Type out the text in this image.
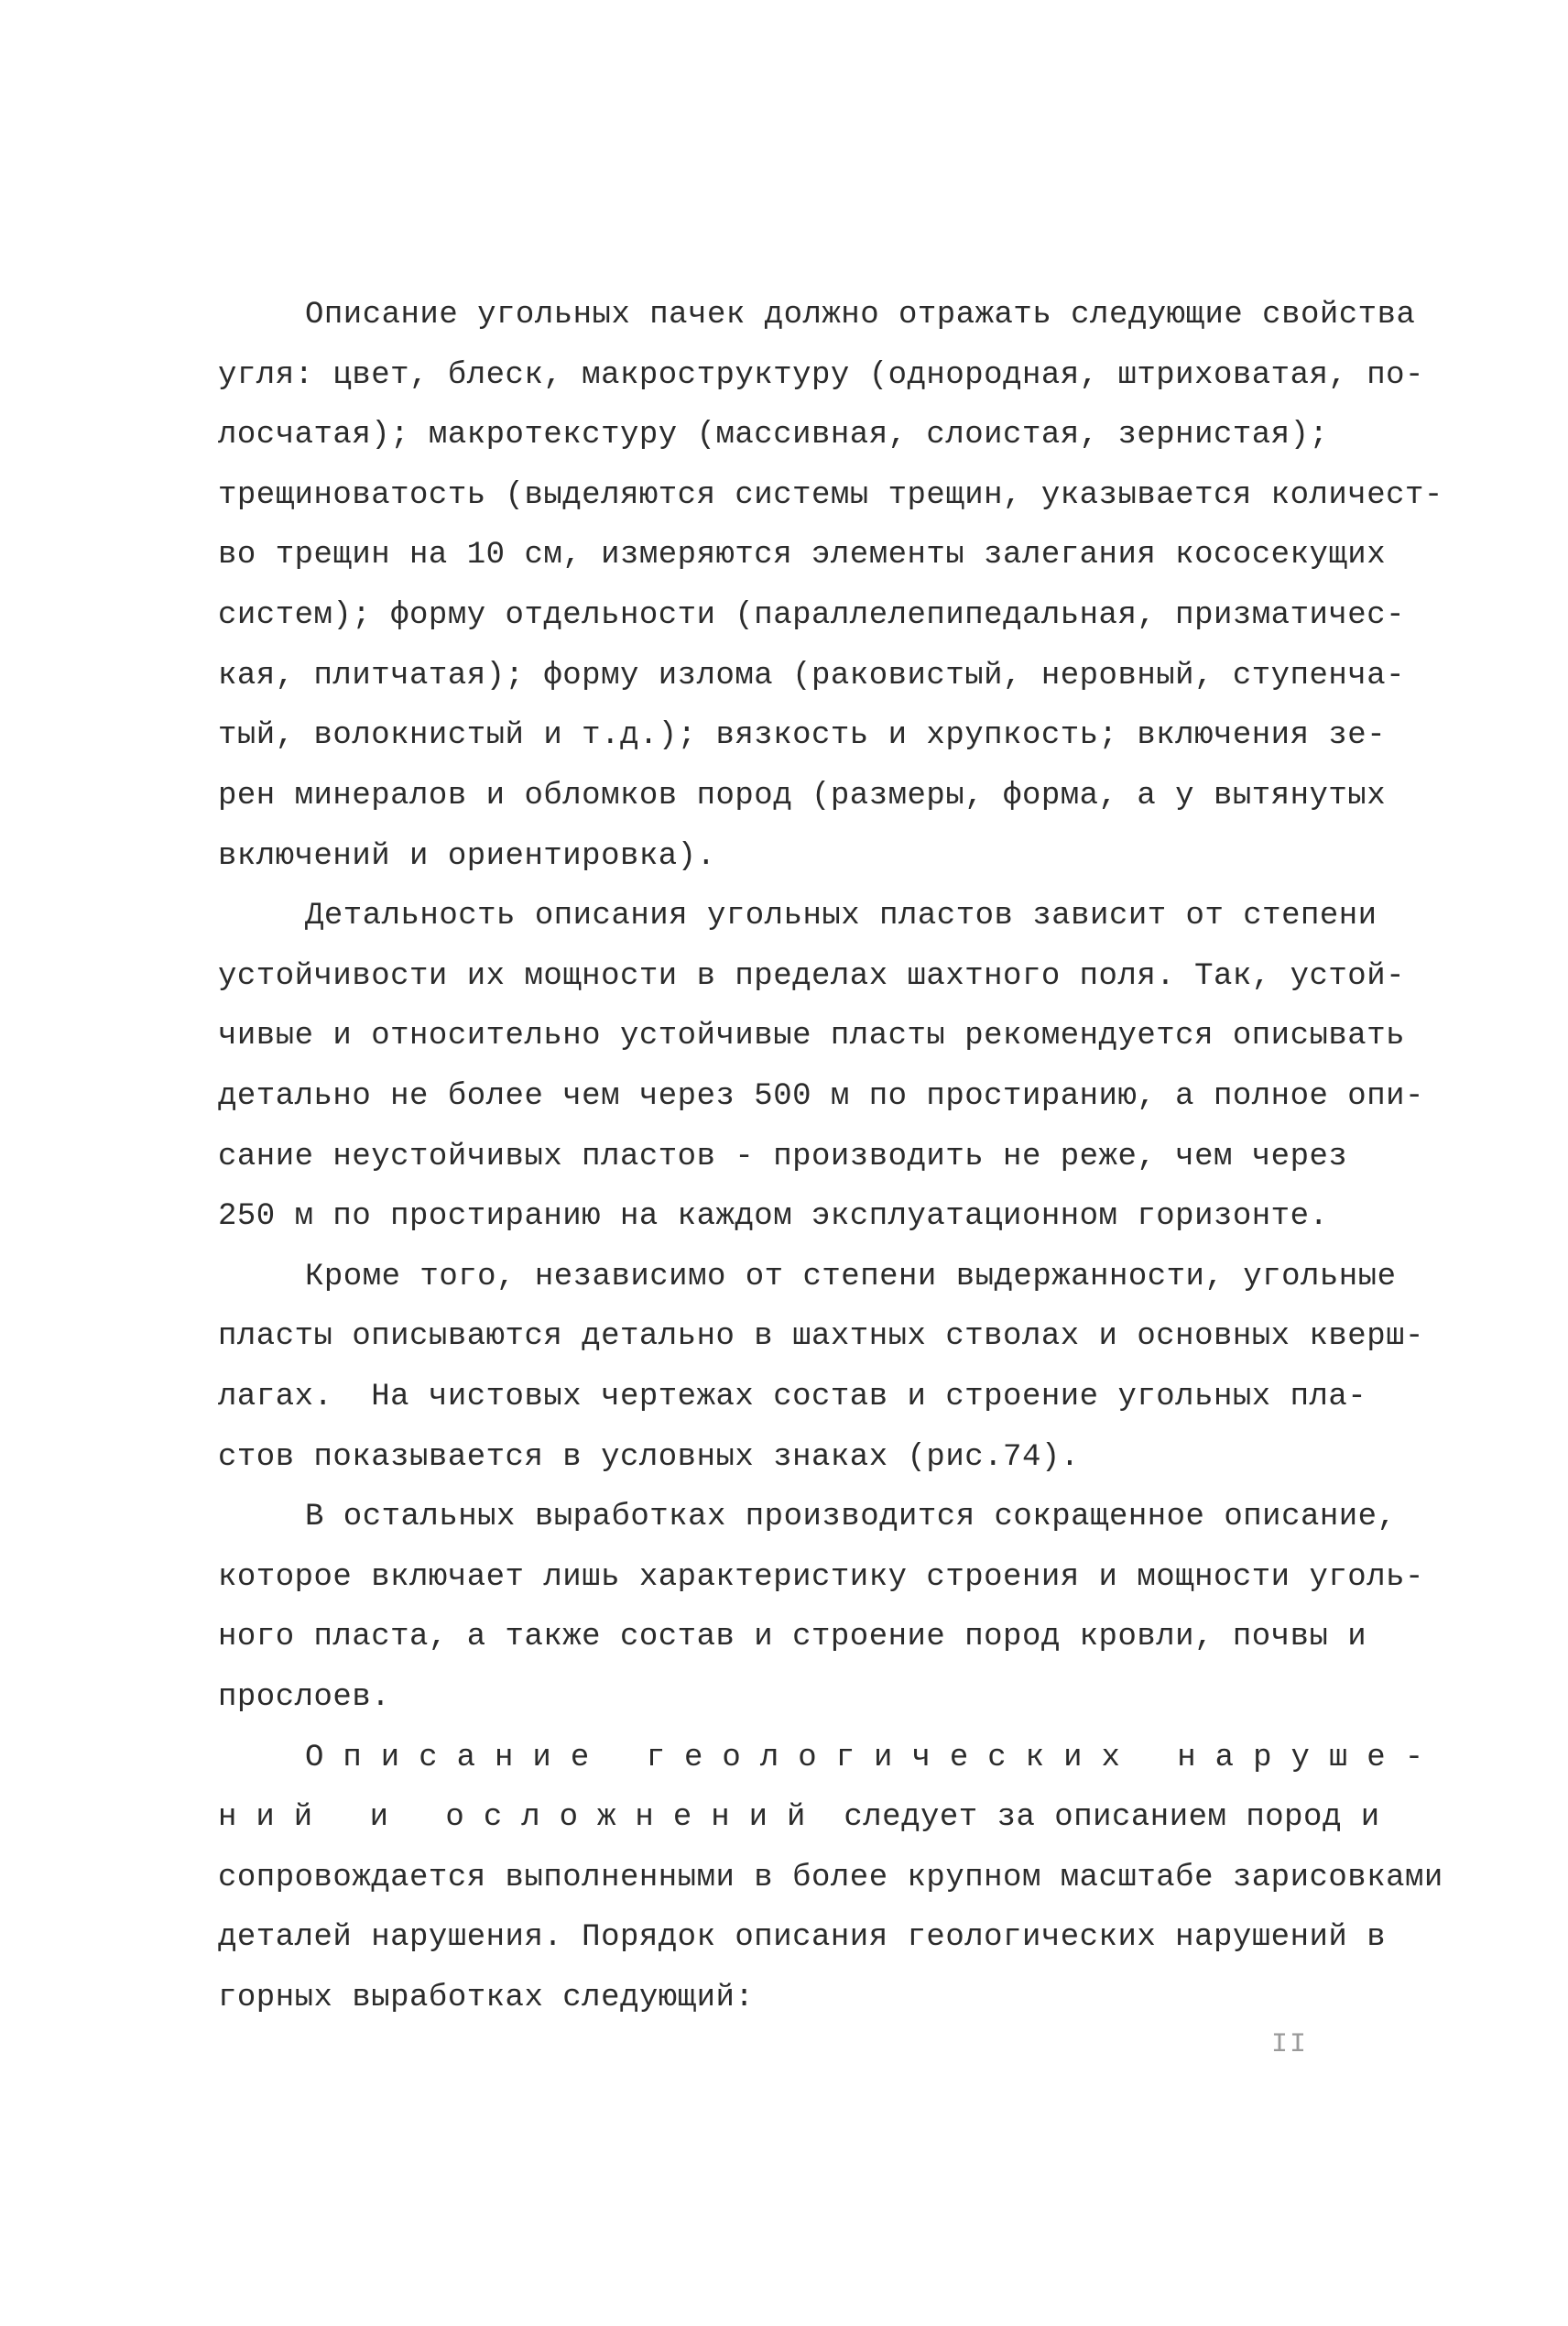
Описание угольных пачек должно отражать следующие свойства
угля: цвет, блеск, макроструктуру (однородная, штриховатая, по-
лосчатая); макротекстуру (массивная, слоистая, зернистая);
трещиноватость (выделяются системы трещин, указывается количест-
во трещин на 10 см, измеряются элементы залегания кососекущих
систем); форму отдельности (параллелепипедальная, призматичес-
кая, плитчатая); форму излома (раковистый, неровный, ступенча-
тый, волокнистый и т.д.); вязкость и хрупкость; включения зе-
рен минералов и обломков пород (размеры, форма, а у вытянутых
включений и ориентировка).
Детальность описания угольных пластов зависит от степени
устойчивости их мощности в пределах шахтного поля. Так, устой-
чивые и относительно устойчивые пласты рекомендуется описывать
детально не более чем через 500 м по простиранию, а полное опи-
сание неустойчивых пластов - производить не реже, чем через
250 м по простиранию на каждом эксплуатационном горизонте.
Кроме того, независимо от степени выдержанности, угольные
пласты описываются детально в шахтных стволах и основных кверш-
лагах.  На чистовых чертежах состав и строение угольных пла-
стов показывается в условных знаках (рис.74).
В остальных выработках производится сокращенное описание,
которое включает лишь характеристику строения и мощности уголь-
ного пласта, а также состав и строение пород кровли, почвы и
прослоев.
Описание геологических наруше-
ний и осложнений следует за описанием пород и
сопровождается выполненными в более крупном масштабе зарисовками
деталей нарушения. Порядок описания геологических нарушений в
горных выработках следующий:
II
